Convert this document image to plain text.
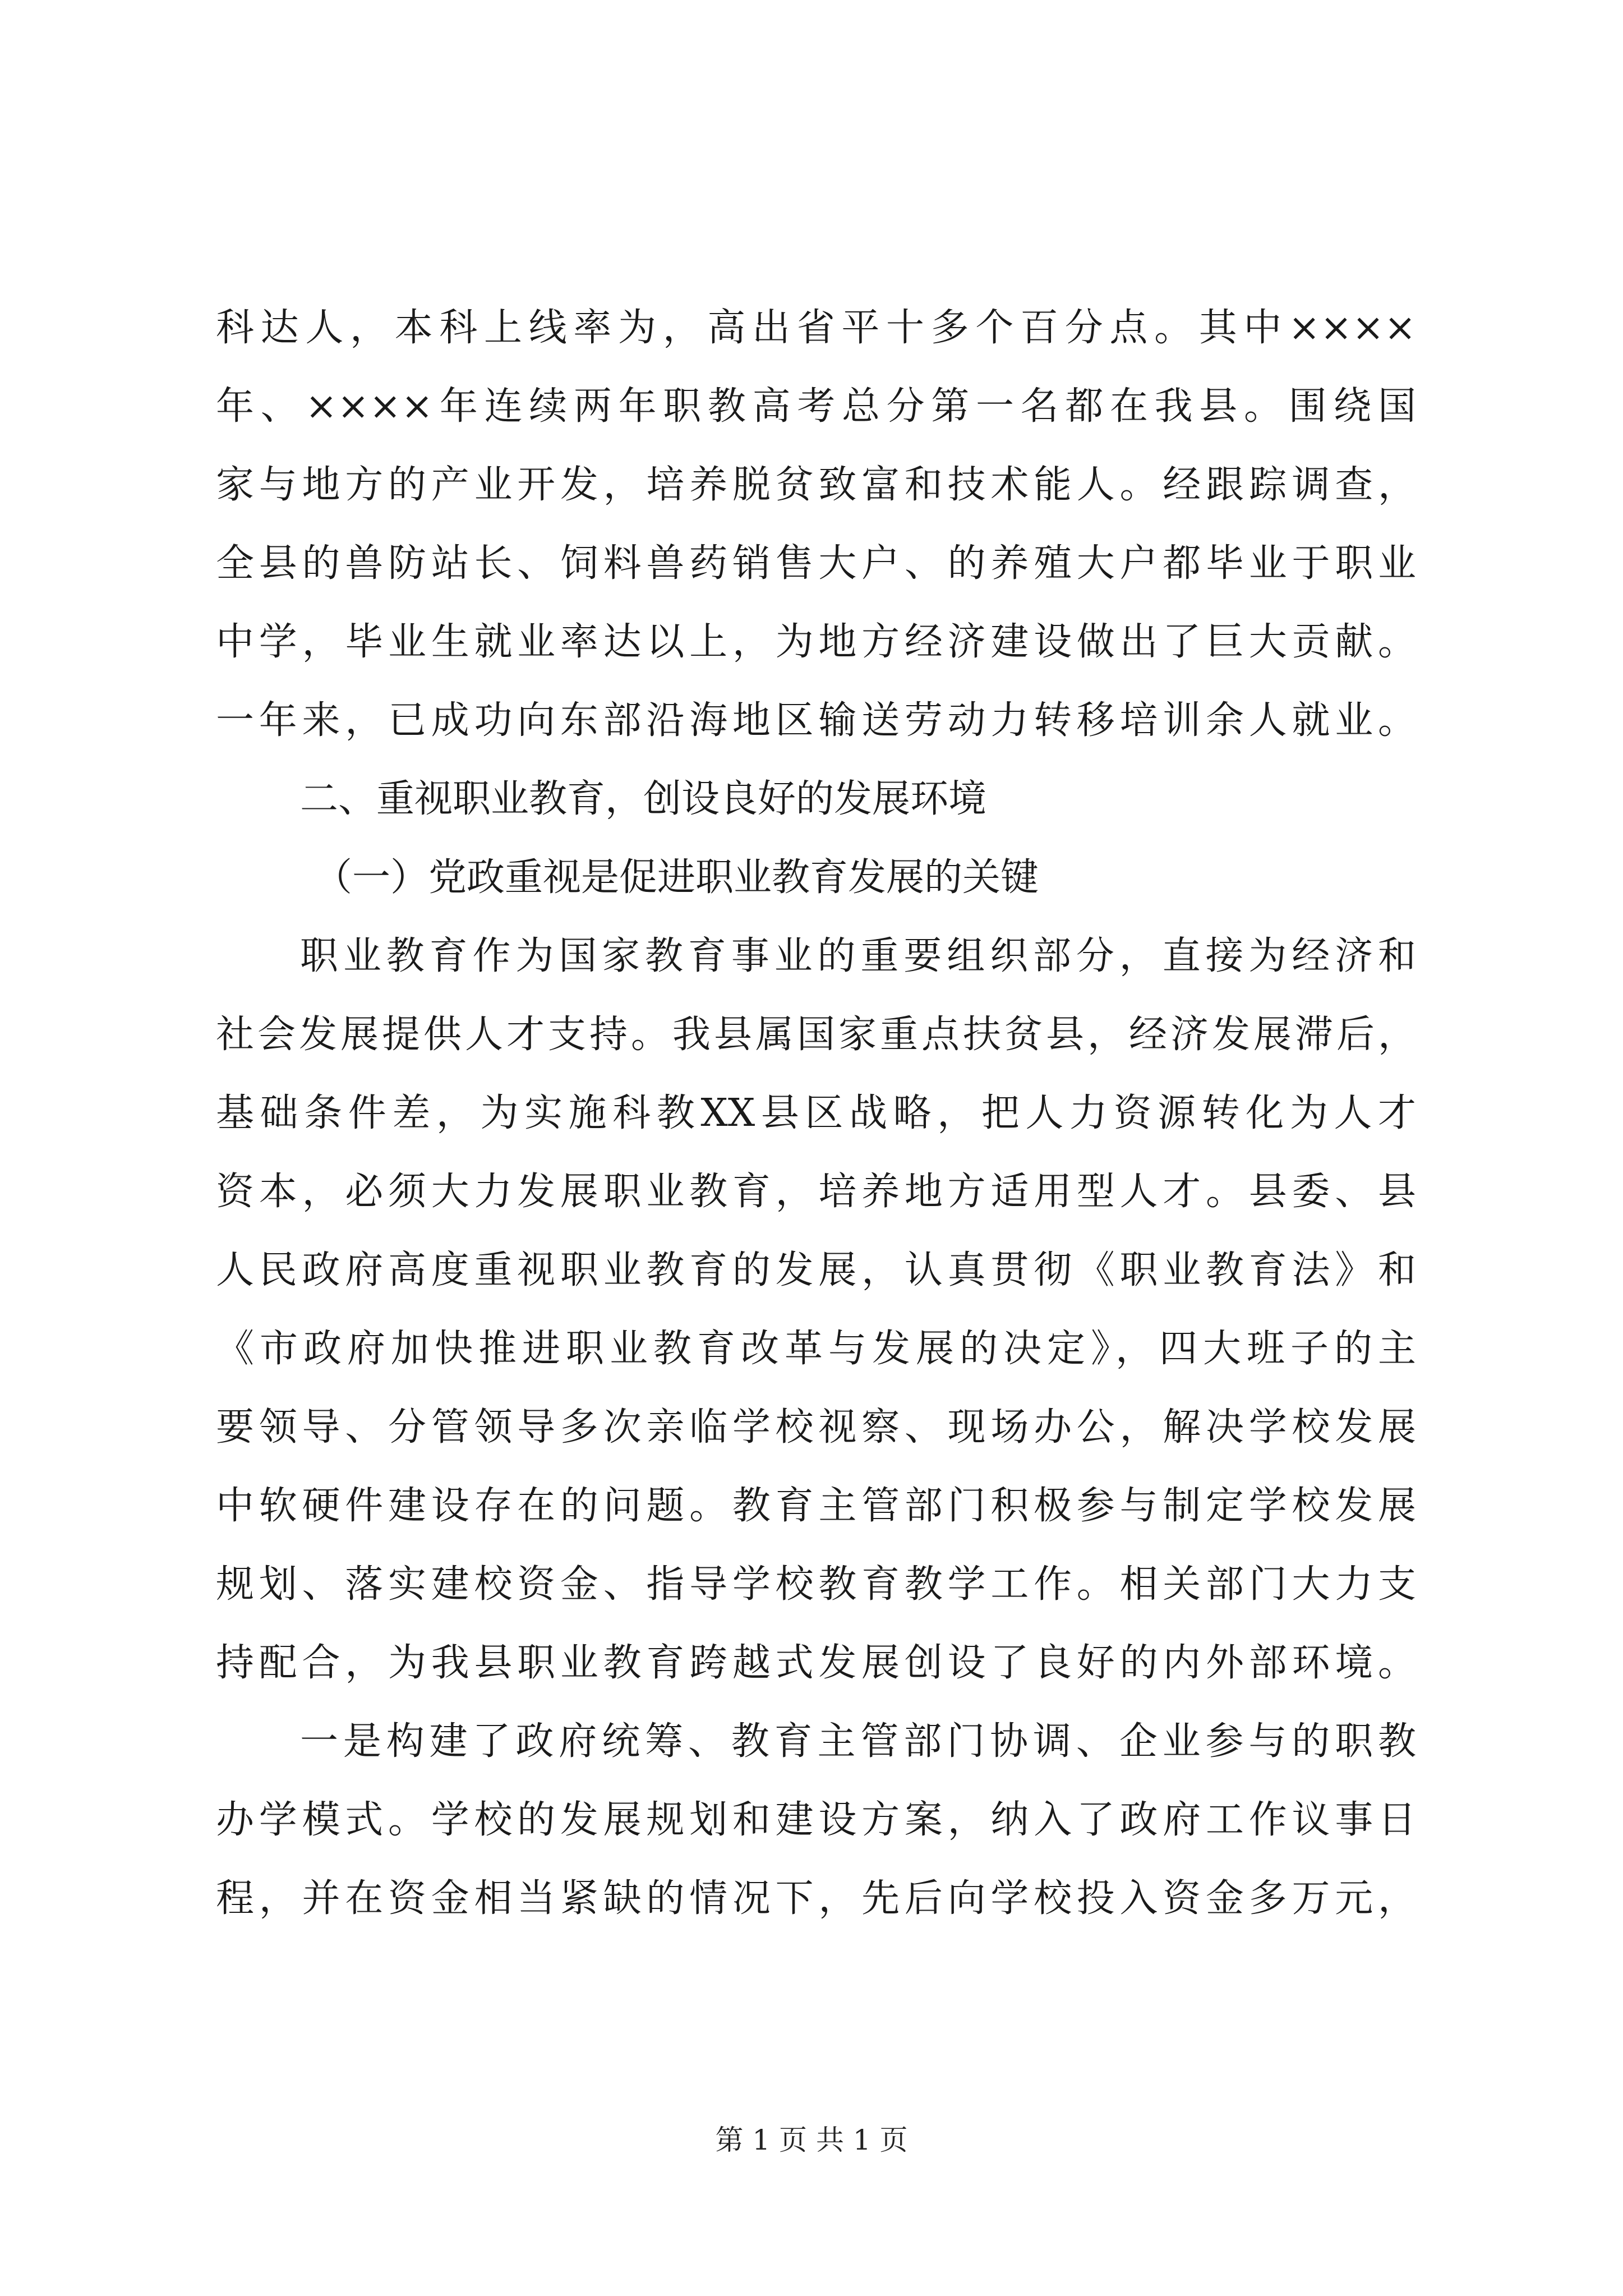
科达人，本科上线率为，高出省平十多个百分点。其中××××
年、××××年连续两年职教高考总分第一名都在我县。围绕国
家与地方的产业开发，培养脱贫致富和技术能人。经跟踪调查，
全县的兽防站长、饲料兽药销售大户、的养殖大户都毕业于职业
中学，毕业生就业率达以上，为地方经济建设做出了巨大贡献。
一年来，已成功向东部沿海地区输送劳动力转移培训余人就业。
二、重视职业教育，创设良好的发展环境
（一）党政重视是促进职业教育发展的关键
职业教育作为国家教育事业的重要组织部分，直接为经济和
社会发展提供人才支持。我县属国家重点扶贫县，经济发展滞后，
基础条件差，为实施科教XX县区战略，把人力资源转化为人才
资本，必须大力发展职业教育，培养地方适用型人才。县委、县
人民政府高度重视职业教育的发展，认真贯彻《职业教育法》和
《市政府加快推进职业教育改革与发展的决定》，四大班子的主
要领导、分管领导多次亲临学校视察、现场办公，解决学校发展
中软硬件建设存在的问题。教育主管部门积极参与制定学校发展
规划、落实建校资金、指导学校教育教学工作。相关部门大力支
持配合，为我县职业教育跨越式发展创设了良好的内外部环境。
一是构建了政府统筹、教育主管部门协调、企业参与的职教
办学模式。学校的发展规划和建设方案，纳入了政府工作议事日
程，并在资金相当紧缺的情况下，先后向学校投入资金多万元，
第 1 页 共 1 页
